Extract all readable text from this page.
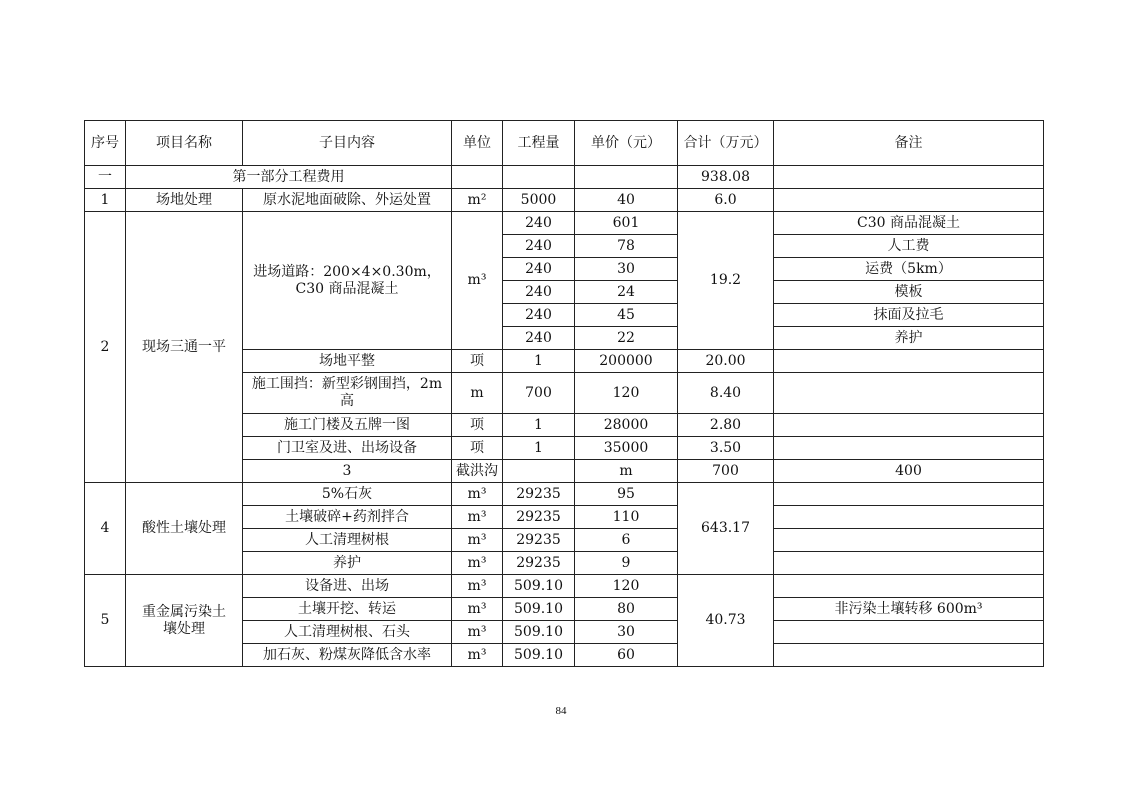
序号	项目名称	子目内容	单位	工程量	单价（元）	合计（万元）	备注	
一	第一部分工程费用					938.08		
1	场地处理	原水泥地面破除、外运处置	m²	5000	40	6.0		
2	现场三通一平	进场道路：200×4×0.30m，C30 商品混凝土	m³	240	601	19.2	C30 商品混凝土	
				240	78		人工费	
				240	30		运费（5km）	
				240	24		模板	
				240	45		抹面及拉毛	
				240	22		养护	
		场地平整	项	1	200000	20.00		
		施工围挡：新型彩钢围挡，2m 高	m	700	120	8.40		
		施工门楼及五牌一图	项	1	28000	2.80		
		门卫室及进、出场设备	项	1	35000	3.50		
		3	截洪沟		m	700	400		
4	酸性土壤处理	5%石灰	m³	29235	95	643.17		
		土壤破碎+药剂拌合	m³	29235	110			
		人工清理树根	m³	29235	6			
		养护	m³	29235	9			
5	重金属污染土壤处理	设备进、出场	m³	509.10	120	40.73		
		土壤开挖、转运	m³	509.10	80		非污染土壤转移 600m³	
		人工清理树根、石头	m³	509.10	30			
		加石灰、粉煤灰降低含水率	m³	509.10	60			
84
